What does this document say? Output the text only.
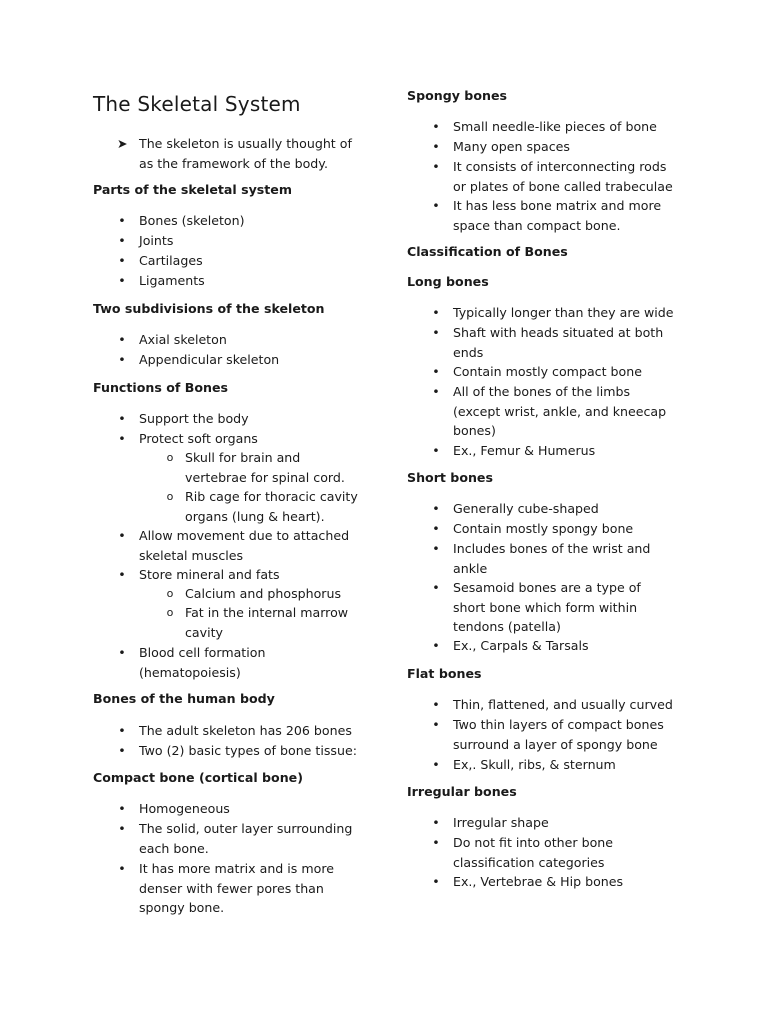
The Skeletal System

➤ The skeleton is usually thought of as the framework of the body.

Parts of the skeletal system

• Bones (skeleton)

• Joints

• Cartilages

• Ligaments

Two subdivisions of the skeleton

• Axial skeleton

• Appendicular skeleton

Functions of Bones

• Support the body

• Protect soft organs

o Skull for brain and vertebrae for spinal cord.

o Rib cage for thoracic cavity organs (lung & heart).

• Allow movement due to attached skeletal muscles

• Store mineral and fats

o Calcium and phosphorus

o Fat in the internal marrow cavity

• Blood cell formation (hematopoiesis)

Bones of the human body

• The adult skeleton has 206 bones

• Two (2) basic types of bone tissue:

Compact bone (cortical bone)

• Homogeneous

• The solid, outer layer surrounding each bone.

• It has more matrix and is more denser with fewer pores than spongy bone.

Spongy bones

• Small needle-like pieces of bone

• Many open spaces

• It consists of interconnecting rods or plates of bone called trabeculae

• It has less bone matrix and more space than compact bone.

Classification of Bones

Long bones

• Typically longer than they are wide

• Shaft with heads situated at both ends

• Contain mostly compact bone

• All of the bones of the limbs (except wrist, ankle, and kneecap bones)

• Ex., Femur & Humerus

Short bones

• Generally cube-shaped

• Contain mostly spongy bone

• Includes bones of the wrist and ankle

• Sesamoid bones are a type of short bone which form within tendons (patella)

• Ex., Carpals & Tarsals

Flat bones

• Thin, flattened, and usually curved

• Two thin layers of compact bones surround a layer of spongy bone

• Ex,. Skull, ribs, & sternum

Irregular bones

• Irregular shape

• Do not fit into other bone classification categories

• Ex., Vertebrae & Hip bones
